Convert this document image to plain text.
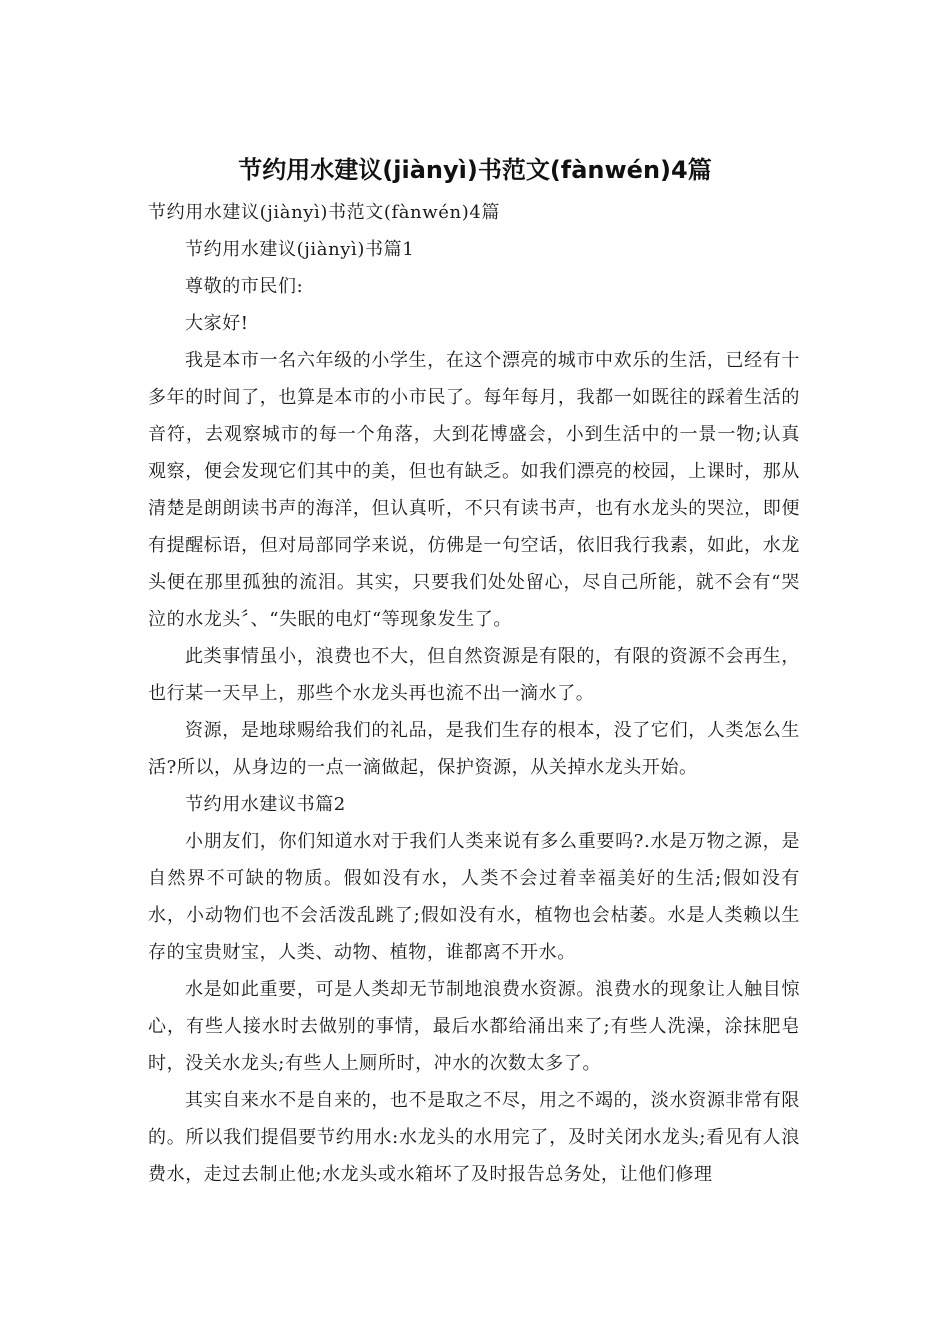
节约用水建议(jiànyì)书范文(fànwén)4篇

节约用水建议(jiànyì)书范文(fànwén)4篇

节约用水建议(jiànyì)书篇1

尊敬的市民们:

大家好!

我是本市一名六年级的小学生，在这个漂亮的城市中欢乐的生活，已经有十多年的时间了，也算是本市的小市民了。每年每月，我都一如既往的踩着生活的音符，去观察城市的每一个角落，大到花博盛会，小到生活中的一景一物;认真观察，便会发现它们其中的美，但也有缺乏。如我们漂亮的校园，上课时，那从清楚是朗朗读书声的海洋，但认真听，不只有读书声，也有水龙头的哭泣，即便有提醒标语，但对局部同学来说，仿佛是一句空话，依旧我行我素，如此，水龙头便在那里孤独的流泪。其实，只要我们处处留心，尽自己所能，就不会有“哭泣的水龙头〞、“失眠的电灯“等现象发生了。

此类事情虽小，浪费也不大，但自然资源是有限的，有限的资源不会再生，也行某一天早上，那些个水龙头再也流不出一滴水了。

资源，是地球赐给我们的礼品，是我们生存的根本，没了它们，人类怎么生活?所以，从身边的一点一滴做起，保护资源，从关掉水龙头开始。

节约用水建议书篇2

小朋友们，你们知道水对于我们人类来说有多么重要吗?.水是万物之源，是自然界不可缺的物质。假如没有水，人类不会过着幸福美好的生活;假如没有水，小动物们也不会活泼乱跳了;假如没有水，植物也会枯萎。水是人类赖以生存的宝贵财宝，人类、动物、植物，谁都离不开水。

水是如此重要，可是人类却无节制地浪费水资源。浪费水的现象让人触目惊心，有些人接水时去做别的事情，最后水都给涌出来了;有些人洗澡，涂抹肥皂时，没关水龙头;有些人上厕所时，冲水的次数太多了。

其实自来水不是自来的，也不是取之不尽，用之不竭的，淡水资源非常有限的。所以我们提倡要节约用水:水龙头的水用完了，及时关闭水龙头;看见有人浪费水，走过去制止他;水龙头或水箱坏了及时报告总务处，让他们修理
